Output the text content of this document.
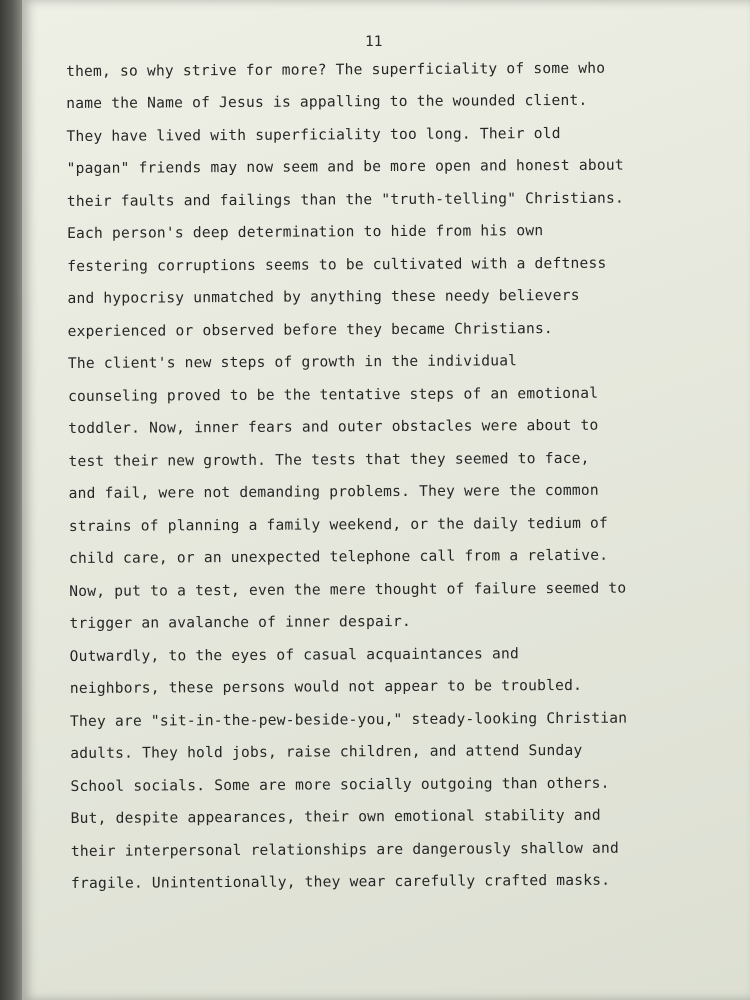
11
them, so why strive for more? The superficiality of some who
name the Name of Jesus is appalling to the wounded client.
They have lived with superficiality too long. Their old
"pagan" friends may now seem and be more open and honest about
their faults and failings than the "truth-telling" Christians.
Each person's deep determination to hide from his own
festering corruptions seems to be cultivated with a deftness
and hypocrisy unmatched by anything these needy believers
experienced or observed before they became Christians.
The client's new steps of growth in the individual
counseling proved to be the tentative steps of an emotional
toddler. Now, inner fears and outer obstacles were about to
test their new growth. The tests that they seemed to face,
and fail, were not demanding problems. They were the common
strains of planning a family weekend, or the daily tedium of
child care, or an unexpected telephone call from a relative.
Now, put to a test, even the mere thought of failure seemed to
trigger an avalanche of inner despair.
Outwardly, to the eyes of casual acquaintances and
neighbors, these persons would not appear to be troubled.
They are "sit-in-the-pew-beside-you," steady-looking Christian
adults. They hold jobs, raise children, and attend Sunday
School socials. Some are more socially outgoing than others.
But, despite appearances, their own emotional stability and
their interpersonal relationships are dangerously shallow and
fragile. Unintentionally, they wear carefully crafted masks.
